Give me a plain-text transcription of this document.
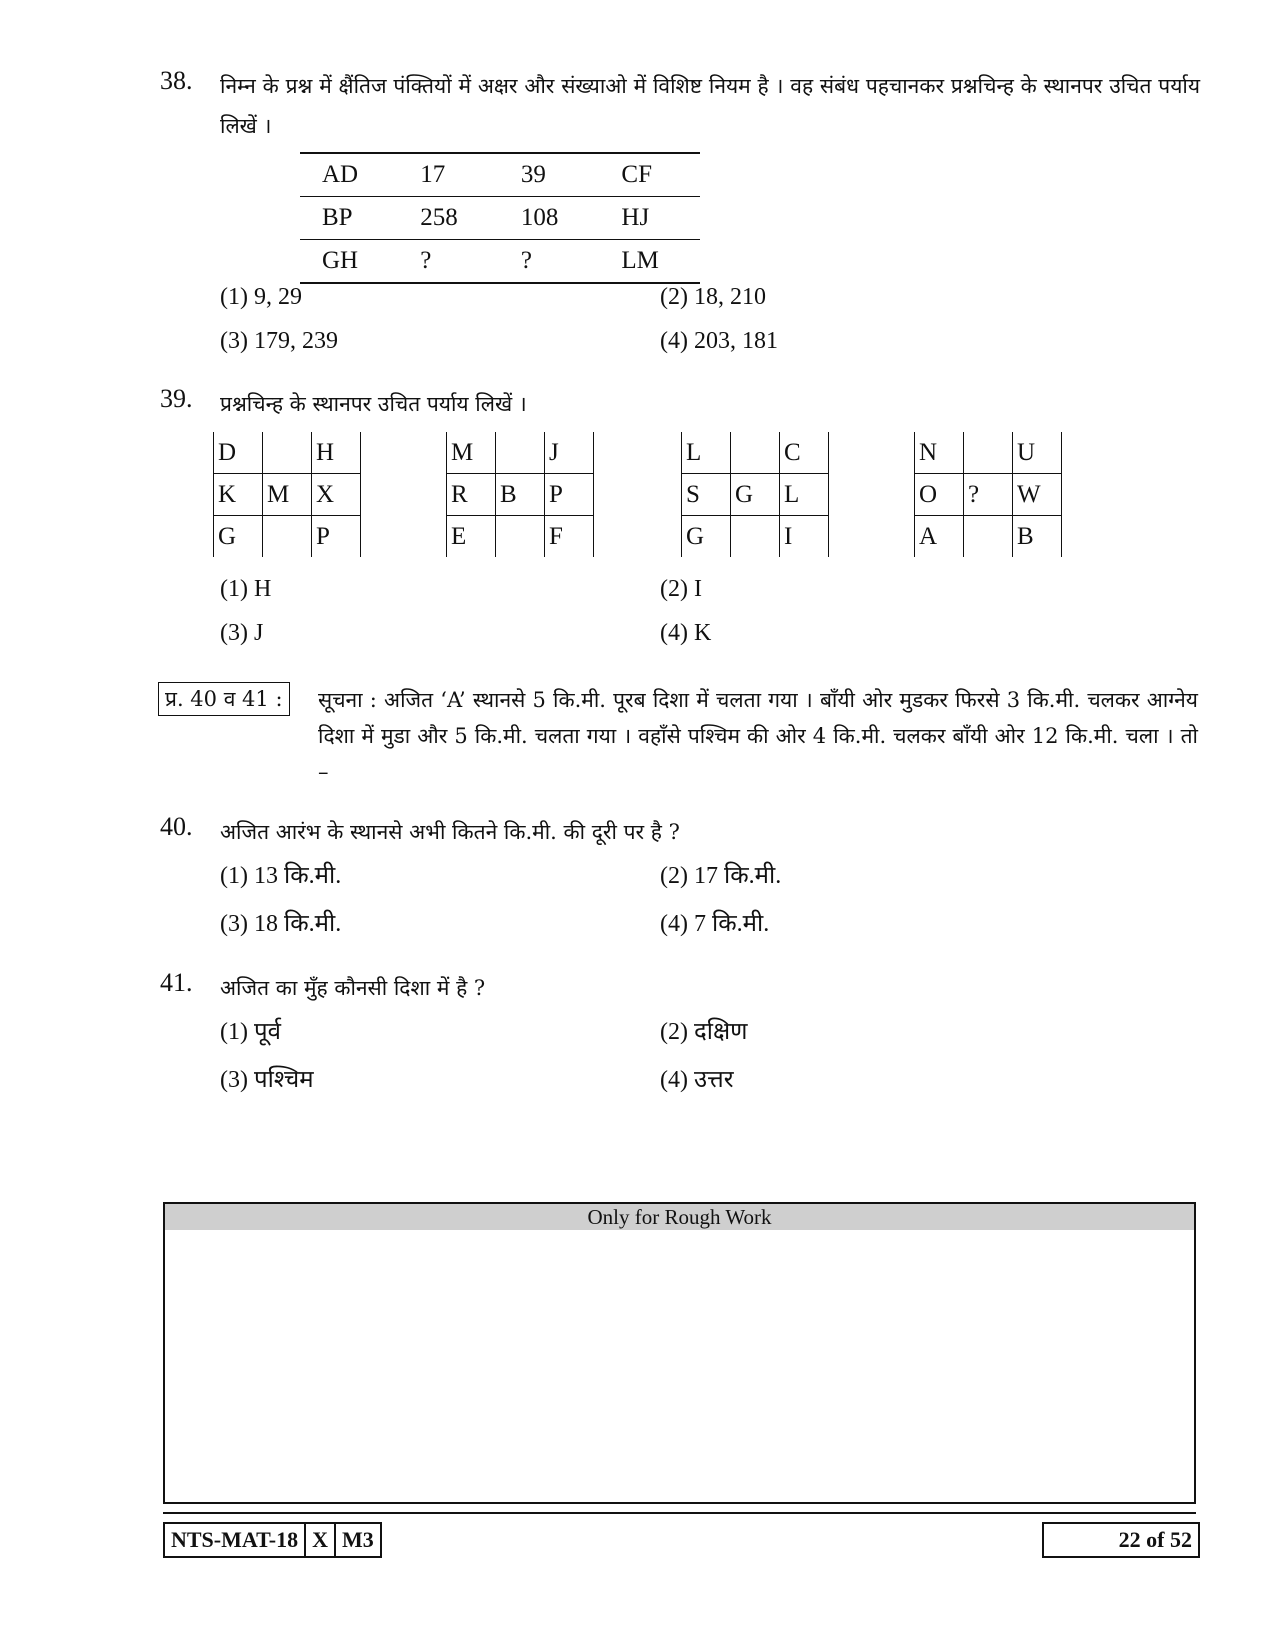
38. निम्न के प्रश्न में क्षैंतिज पंक्तियों में अक्षर और संख्याओ में विशिष्ट नियम है । वह संबंध पहचानकर प्रश्नचिन्ह के स्थानपर उचित पर्याय लिखें ।
AD	17	39	CF
BP	258	108	HJ
GH	?	?	LM
(1) 9, 29	(2) 18, 210
(3) 179, 239	(4) 203, 181
39. प्रश्नचिन्ह के स्थानपर उचित पर्याय लिखें ।
D		H
K	M	X
G		P
M		J
R	B	P
E		F
L		C
S	G	L
G		I
N		U
O	?	W
A		B
(1) H	(2) I
(3) J	(4) K
प्र. 40 व 41 :	सूचना : अजित ‘A’ स्थानसे 5 कि.मी. पूरब दिशा में चलता गया । बाँयी ओर मुडकर फिरसे 3 कि.मी. चलकर आग्नेय दिशा में मुडा और 5 कि.मी. चलता गया । वहाँसे पश्चिम की ओर 4 कि.मी. चलकर बाँयी ओर 12 कि.मी. चला । तो –
40. अजित आरंभ के स्थानसे अभी कितने कि.मी. की दूरी पर है ?
(1) 13 कि.मी.	(2) 17 कि.मी.
(3) 18 कि.मी.	(4) 7 कि.मी.
41. अजित का मुँह कौनसी दिशा में है ?
(1) पूर्व	(2) दक्षिण
(3) पश्चिम	(4) उत्तर
Only for Rough Work
NTS-MAT-18	X	M3	22 of 52
